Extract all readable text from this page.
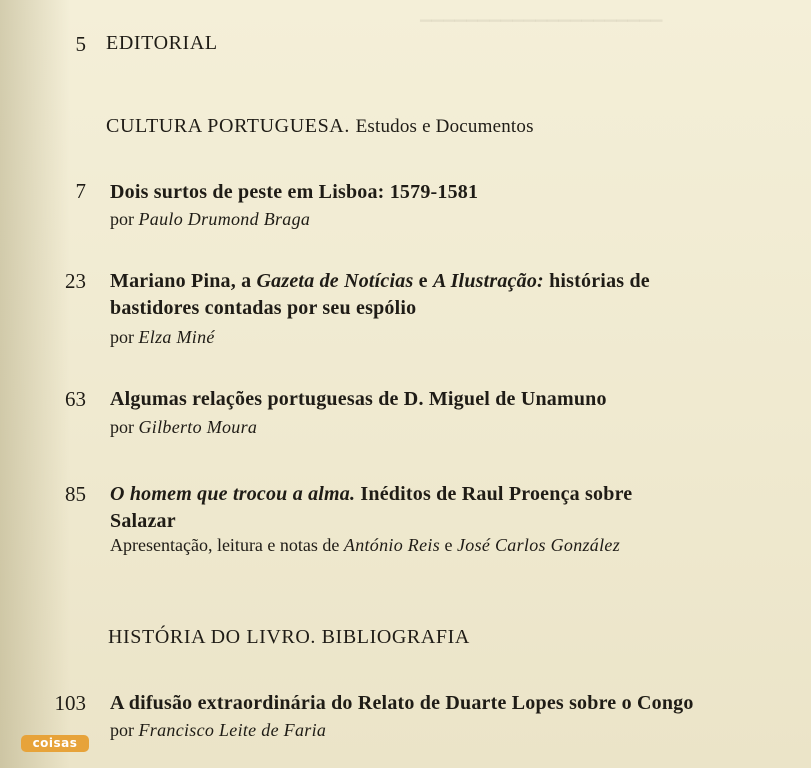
▁▁▁▁▁▁▁▁▁▁▁▁▁▁▁▁▁▁▁▁▁
5 EDITORIAL
CULTURA PORTUGUESA. Estudos e Documentos
7 Dois surtos de peste em Lisboa: 1579-1581
por Paulo Drumond Braga
23 Mariano Pina, a Gazeta de Notícias e A Ilustração: histórias de
bastidores contadas por seu espólio
por Elza Miné
63 Algumas relações portuguesas de D. Miguel de Unamuno
por Gilberto Moura
85 O homem que trocou a alma. Inéditos de Raul Proença sobre
Salazar
Apresentação, leitura e notas de António Reis e José Carlos González
HISTÓRIA DO LIVRO. BIBLIOGRAFIA
103 A difusão extraordinária do Relato de Duarte Lopes sobre o Congo
por Francisco Leite de Faria
coisas
